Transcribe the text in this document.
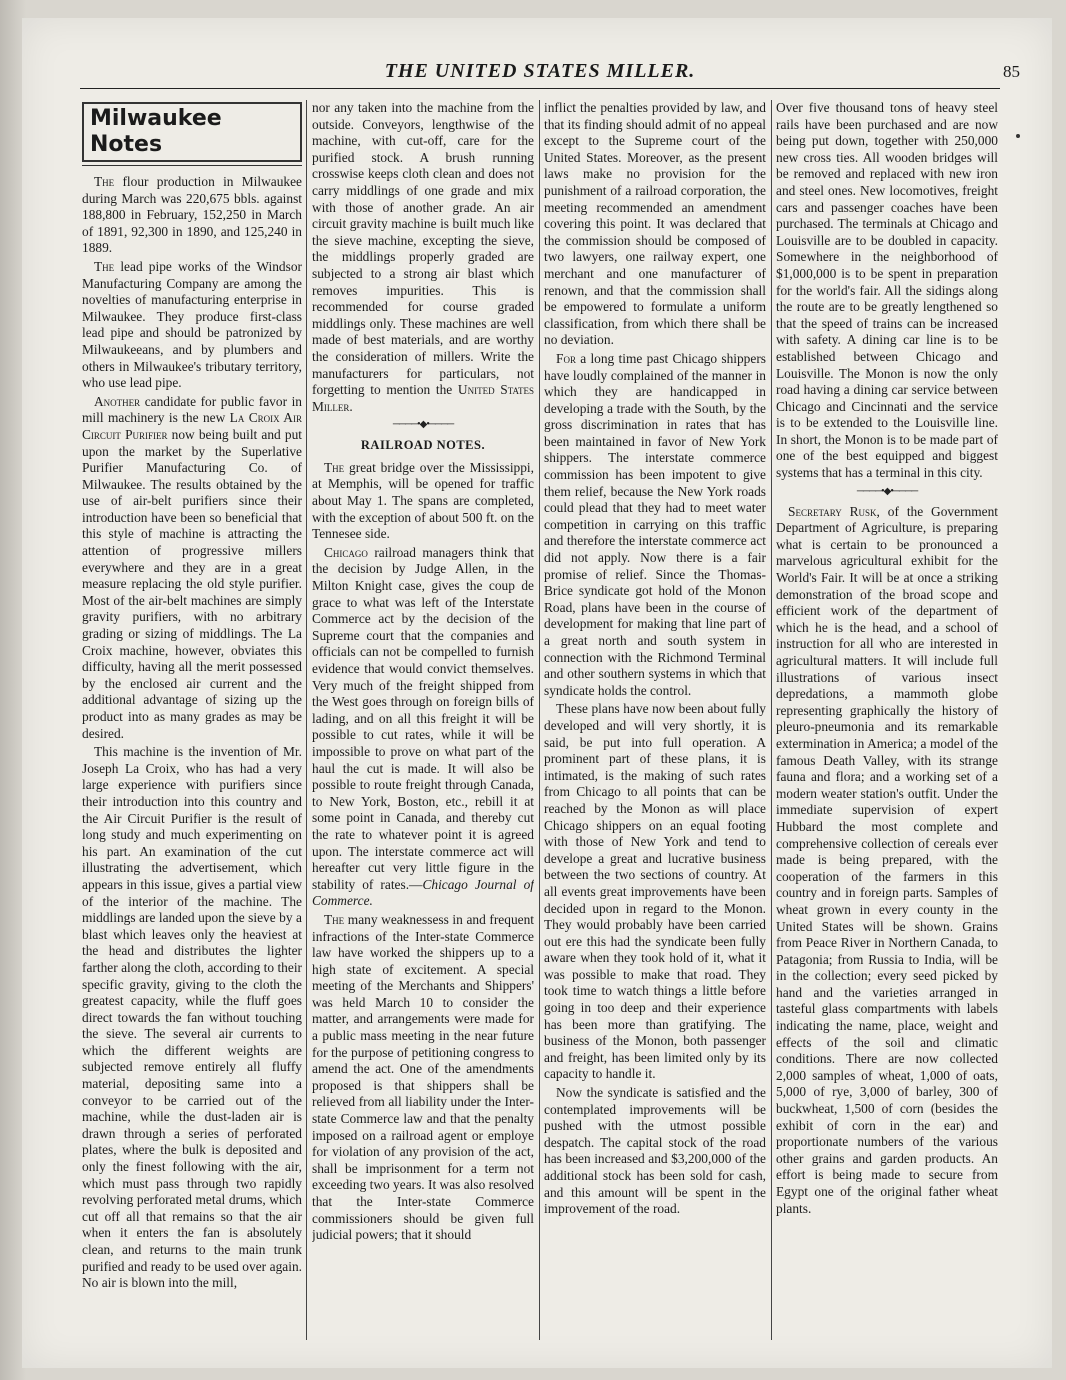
THE UNITED STATES MILLER.	85
Milwaukee Notes

The flour production in Milwaukee during March was 220,675 bbls. against 188,800 in February, 152,250 in March of 1891, 92,300 in 1890, and 125,240 in 1889.

The lead pipe works of the Windsor Manufacturing Company are among the novelties of manufacturing enterprise in Milwaukee. They produce first-class lead pipe and should be patronized by Milwaukeeans, and by plumbers and others in Milwaukee's tributary territory, who use lead pipe.

Another candidate for public favor in mill machinery is the new La Croix Air Circuit Purifier now being built and put upon the market by the Superlative Purifier Manufacturing Co. of Milwaukee. The results obtained by the use of air-belt purifiers since their introduction have been so beneficial that this style of machine is attracting the attention of progressive millers everywhere and they are in a great measure replacing the old style purifier. Most of the air-belt machines are simply gravity purifiers, with no arbitrary grading or sizing of middlings. The La Croix machine, however, obviates this difficulty, having all the merit possessed by the enclosed air current and the additional advantage of sizing up the product into as many grades as may be desired.

This machine is the invention of Mr. Joseph La Croix, who has had a very large experience with purifiers since their introduction into this country and the Air Circuit Purifier is the result of long study and much experimenting on his part. An examination of the cut illustrating the advertisement, which appears in this issue, gives a partial view of the interior of the machine. The middlings are landed upon the sieve by a blast which leaves only the heaviest at the head and distributes the lighter farther along the cloth, according to their specific gravity, giving to the cloth the greatest capacity, while the fluff goes direct towards the fan without touching the sieve. The several air currents to which the different weights are subjected remove entirely all fluffy material, depositing same into a conveyor to be carried out of the machine, while the dust-laden air is drawn through a series of perforated plates, where the bulk is deposited and only the finest following with the air, which must pass through two rapidly revolving perforated metal drums, which cut off all that remains so that the air when it enters the fan is absolutely clean, and returns to the main trunk purified and ready to be used over again. No air is blown into the mill,

nor any taken into the machine from the outside. Conveyors, lengthwise of the machine, with cut-off, care for the purified stock. A brush running crosswise keeps cloth clean and does not carry middlings of one grade and mix with those of another grade. An air circuit gravity machine is built much like the sieve machine, excepting the sieve, the middlings properly graded are subjected to a strong air blast which removes impurities. This is recommended for course graded middlings only. These machines are well made of best materials, and are worthy the consideration of millers. Write the manufacturers for particulars, not forgetting to mention the United States Miller.

────•◆•────
RAILROAD NOTES.

The great bridge over the Mississippi, at Memphis, will be opened for traffic about May 1. The spans are completed, with the exception of about 500 ft. on the Tennesee side.

Chicago railroad managers think that the decision by Judge Allen, in the Milton Knight case, gives the coup de grace to what was left of the Interstate Commerce act by the decision of the Supreme court that the companies and officials can not be compelled to furnish evidence that would convict themselves. Very much of the freight shipped from the West goes through on foreign bills of lading, and on all this freight it will be possible to cut rates, while it will be impossible to prove on what part of the haul the cut is made. It will also be possible to route freight through Canada, to New York, Boston, etc., rebill it at some point in Canada, and thereby cut the rate to whatever point it is agreed upon. The interstate commerce act will hereafter cut very little figure in the stability of rates.—Chicago Journal of Commerce.

The many weaknessess in and frequent infractions of the Inter-state Commerce law have worked the shippers up to a high state of excitement. A special meeting of the Merchants and Shippers' was held March 10 to consider the matter, and arrangements were made for a public mass meeting in the near future for the purpose of petitioning congress to amend the act. One of the amendments proposed is that shippers shall be relieved from all liability under the Inter-state Commerce law and that the penalty imposed on a railroad agent or employe for violation of any provision of the act, shall be imprisonment for a term not exceeding two years. It was also resolved that the Inter-state Commerce commissioners should be given full judicial powers; that it should

inflict the penalties provided by law, and that its finding should admit of no appeal except to the Supreme court of the United States. Moreover, as the present laws make no provision for the punishment of a railroad corporation, the meeting recommended an amendment covering this point. It was declared that the commission should be composed of two lawyers, one railway expert, one merchant and one manufacturer of renown, and that the commission shall be empowered to formulate a uniform classification, from which there shall be no deviation.

For a long time past Chicago shippers have loudly complained of the manner in which they are handicapped in developing a trade with the South, by the gross discrimination in rates that has been maintained in favor of New York shippers. The interstate commerce commission has been impotent to give them relief, because the New York roads could plead that they had to meet water competition in carrying on this traffic and therefore the interstate commerce act did not apply. Now there is a fair promise of relief. Since the Thomas-Brice syndicate got hold of the Monon Road, plans have been in the course of development for making that line part of a great north and south system in connection with the Richmond Terminal and other southern systems in which that syndicate holds the control.

These plans have now been about fully developed and will very shortly, it is said, be put into full operation. A prominent part of these plans, it is intimated, is the making of such rates from Chicago to all points that can be reached by the Monon as will place Chicago shippers on an equal footing with those of New York and tend to develope a great and lucrative business between the two sections of country. At all events great improvements have been decided upon in regard to the Monon. They would probably have been carried out ere this had the syndicate been fully aware when they took hold of it, what it was possible to make that road. They took time to watch things a little before going in too deep and their experience has been more than gratifying. The business of the Monon, both passenger and freight, has been limited only by its capacity to handle it.

Now the syndicate is satisfied and the contemplated improvements will be pushed with the utmost possible despatch. The capital stock of the road has been increased and $3,200,000 of the additional stock has been sold for cash, and this amount will be spent in the improvement of the road.

Over five thousand tons of heavy steel rails have been purchased and are now being put down, together with 250,000 new cross ties. All wooden bridges will be removed and replaced with new iron and steel ones. New locomotives, freight cars and passenger coaches have been purchased. The terminals at Chicago and Louisville are to be doubled in capacity. Somewhere in the neighborhood of $1,000,000 is to be spent in preparation for the world's fair. All the sidings along the route are to be greatly lengthened so that the speed of trains can be increased with safety. A dining car line is to be established between Chicago and Louisville. The Monon is now the only road having a dining car service between Chicago and Cincinnati and the service is to be extended to the Louisville line. In short, the Monon is to be made part of one of the best equipped and biggest systems that has a terminal in this city.

────•◆•────

Secretary Rusk, of the Government Department of Agriculture, is preparing what is certain to be pronounced a marvelous agricultural exhibit for the World's Fair. It will be at once a striking demonstration of the broad scope and efficient work of the department of which he is the head, and a school of instruction for all who are interested in agricultural matters. It will include full illustrations of various insect depredations, a mammoth globe representing graphically the history of pleuro-pneumonia and its remarkable extermination in America; a model of the famous Death Valley, with its strange fauna and flora; and a working set of a modern weater station's outfit. Under the immediate supervision of expert Hubbard the most complete and comprehensive collection of cereals ever made is being prepared, with the cooperation of the farmers in this country and in foreign parts. Samples of wheat grown in every county in the United States will be shown. Grains from Peace River in Northern Canada, to Patagonia; from Russia to India, will be in the collection; every seed picked by hand and the varieties arranged in tasteful glass compartments with labels indicating the name, place, weight and effects of the soil and climatic conditions. There are now collected 2,000 samples of wheat, 1,000 of oats, 5,000 of rye, 3,000 of barley, 300 of buckwheat, 1,500 of corn (besides the exhibit of corn in the ear) and proportionate numbers of the various other grains and garden products. An effort is being made to secure from Egypt one of the original father wheat plants.
